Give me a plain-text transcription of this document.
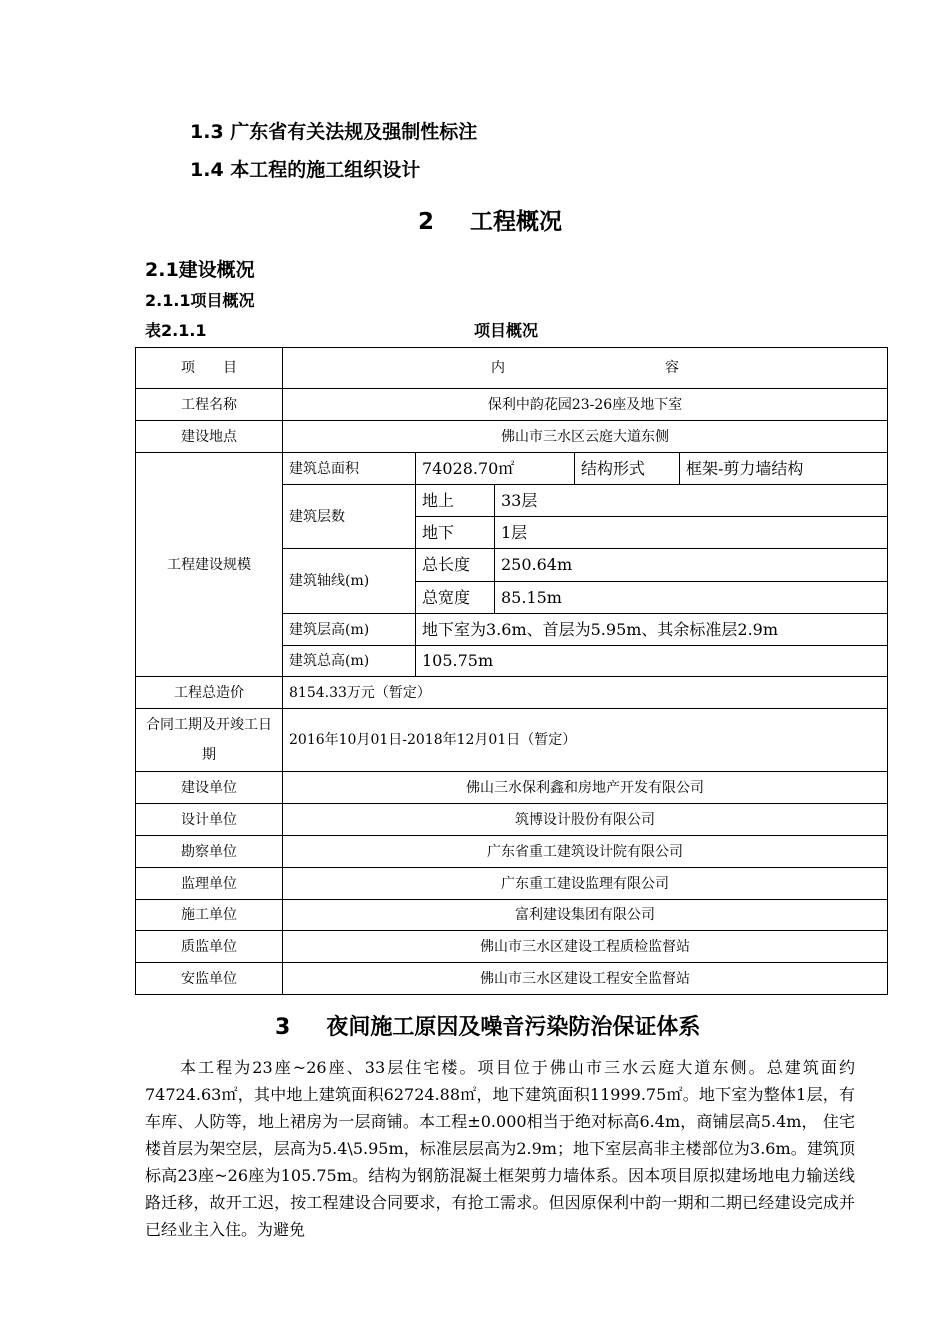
1.3 广东省有关法规及强制性标注
1.4 本工程的施工组织设计
2 工程概况
2.1建设概况
2.1.1项目概况
表2.1.1	项目概况
项　　目	内 容				
工程名称	保利中韵花园23-26座及地下室				
建设地点	佛山市三水区云庭大道东侧				
工程建设规模	建筑总面积	74028.70㎡		结构形式	框架-剪力墙结构
	建筑层数	地上	33层		
		地下	1层		
	建筑轴线(m)	总长度	250.64m		
		总宽度	85.15m		
	建筑层高(m)	地下室为3.6m、首层为5.95m、其余标准层2.9m			
	建筑总高(m)	105.75m			
工程总造价	8154.33万元（暂定）				
合同工期及开竣工日期	2016年10月01日-2018年12月01日（暂定）				
建设单位	佛山三水保利鑫和房地产开发有限公司				
设计单位	筑博设计股份有限公司				
勘察单位	广东省重工建筑设计院有限公司				
监理单位	广东重工建设监理有限公司				
施工单位	富利建设集团有限公司				
质监单位	佛山市三水区建设工程质检监督站				
安监单位	佛山市三水区建设工程安全监督站				
3 夜间施工原因及噪音污染防治保证体系

本工程为23座~26座、33层住宅楼。项目位于佛山市三水云庭大道东侧。总建筑面约74724.63㎡，其中地上建筑面积62724.88㎡，地下建筑面积11999.75㎡。地下室为整体1层，有车库、人防等，地上裙房为一层商铺。本工程±0.000相当于绝对标高6.4m，商铺层高5.4m， 住宅楼首层为架空层，层高为5.4\5.95m，标准层层高为2.9m；地下室层高非主楼部位为3.6m。建筑顶标高23座~26座为105.75m。结构为钢筋混凝土框架剪力墙体系。因本项目原拟建场地电力输送线路迁移，故开工迟，按工程建设合同要求，有抢工需求。但因原保利中韵一期和二期已经建设完成并已经业主入住。为避免
